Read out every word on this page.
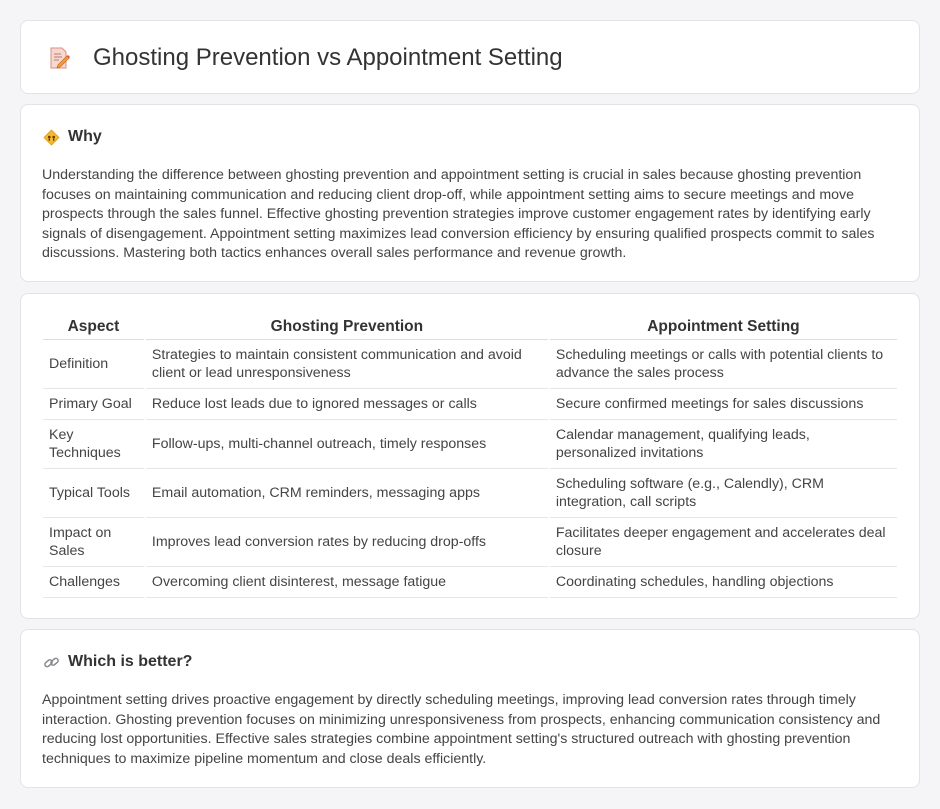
Ghosting Prevention vs Appointment Setting
Why

Understanding the difference between ghosting prevention and appointment setting is crucial in sales because ghosting prevention focuses on maintaining communication and reducing client drop-off, while appointment setting aims to secure meetings and move prospects through the sales funnel. Effective ghosting prevention strategies improve customer engagement rates by identifying early signals of disengagement. Appointment setting maximizes lead conversion efficiency by ensuring qualified prospects commit to sales discussions. Mastering both tactics enhances overall sales performance and revenue growth.

Aspect	Ghosting Prevention	Appointment Setting
Definition	Strategies to maintain consistent communication and avoid client or lead unresponsiveness	Scheduling meetings or calls with potential clients to advance the sales process
Primary Goal	Reduce lost leads due to ignored messages or calls	Secure confirmed meetings for sales discussions
Key Techniques	Follow-ups, multi-channel outreach, timely responses	Calendar management, qualifying leads, personalized invitations
Typical Tools	Email automation, CRM reminders, messaging apps	Scheduling software (e.g., Calendly), CRM integration, call scripts
Impact on Sales	Improves lead conversion rates by reducing drop-offs	Facilitates deeper engagement and accelerates deal closure
Challenges	Overcoming client disinterest, message fatigue	Coordinating schedules, handling objections
Which is better?

Appointment setting drives proactive engagement by directly scheduling meetings, improving lead conversion rates through timely interaction. Ghosting prevention focuses on minimizing unresponsiveness from prospects, enhancing communication consistency and reducing lost opportunities. Effective sales strategies combine appointment setting's structured outreach with ghosting prevention techniques to maximize pipeline momentum and close deals efficiently.
